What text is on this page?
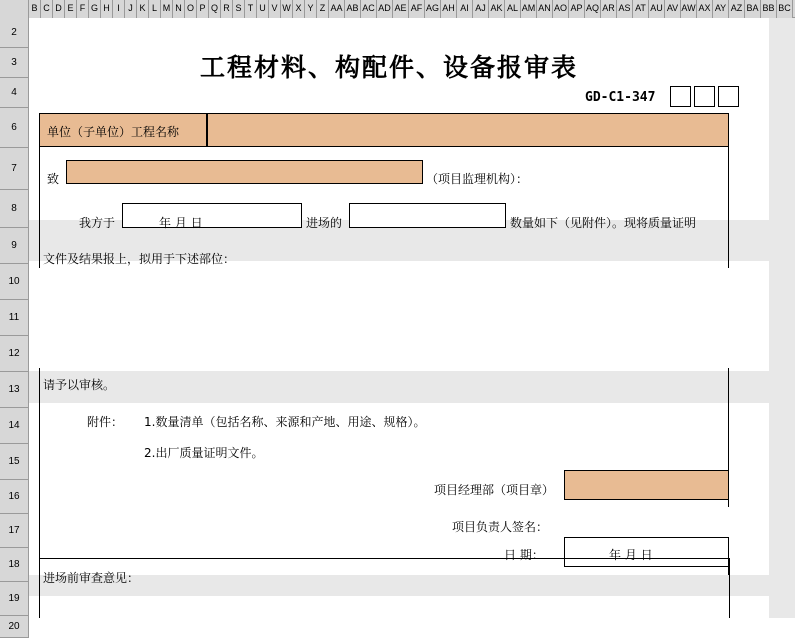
B C D E F G H I J K L M N O P Q R S T U V W X Y Z AA AB AC AD AE AF AG AH AI AJ AK AL AM AN AO AP AQ AR AS AT AU AV AW AX AY AZ BA BB BC
2
3
4
6
7
8
9
10
11
12
13
14
15
16
17
18
19
20
工程材料、构配件、设备报审表
GD-C1-347
单位（子单位）工程名称
致	（项目监理机构）：
我方于	年 月 日	进场的	数量如下（见附件）。现将质量证明
文件及结果报上，拟用于下述部位：
请予以审核。
附件： 1.数量清单（包括名称、来源和产地、用途、规格）。
2.出厂质量证明文件。
项目经理部（项目章）
项目负责人签名：
日 期：	年 月 日
进场前审查意见：
